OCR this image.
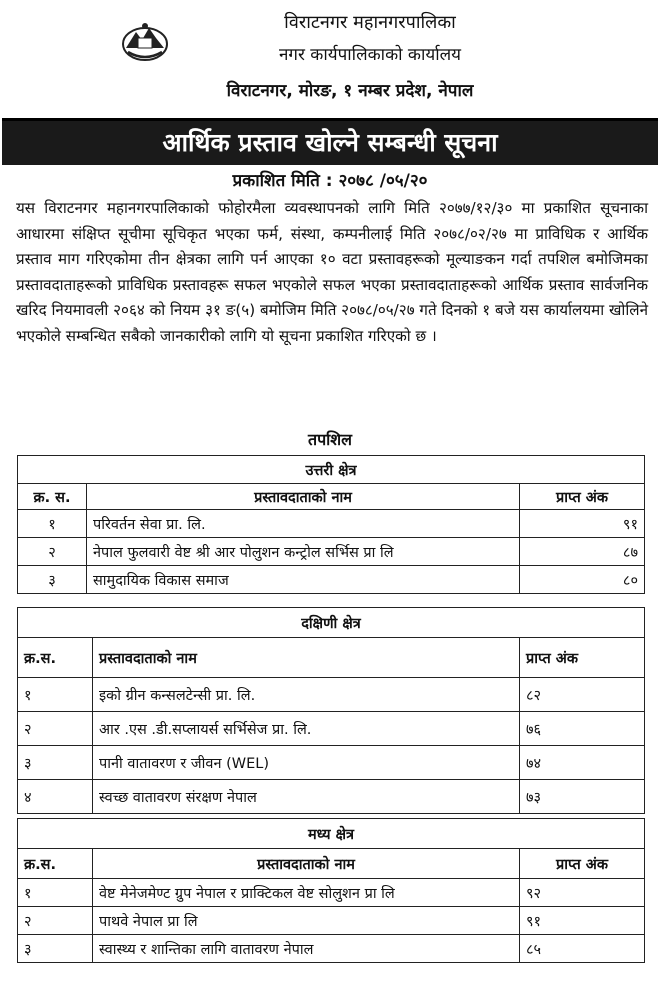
विराटनगर महानगरपालिका
नगर कार्यपालिकाको कार्यालय
विराटनगर, मोरङ, १ नम्बर प्रदेश, नेपाल
आर्थिक प्रस्ताव खोल्ने सम्बन्धी सूचना
प्रकाशित मिति : २०७८ /०५/२०
यस विराटनगर महानगरपालिकाको फोहोरमैला व्यवस्थापनको लागि मिति २०७७/१२/३० मा प्रकाशित सूचनाका आधारमा संक्षिप्त सूचीमा सूचिकृत भएका फर्म, संस्था, कम्पनीलाई मिति २०७८/०२/२७ मा प्राविधिक र आर्थिक प्रस्ताव माग गरिएकोमा तीन क्षेत्रका लागि पर्न आएका १० वटा प्रस्तावहरूको मूल्याङकन गर्दा तपशिल बमोजिमका प्रस्तावदाताहरूको प्राविधिक प्रस्तावहरू सफल भएकोले सफल भएका प्रस्तावदाताहरूको आर्थिक प्रस्ताव सार्वजनिक खरिद नियमावली २०६४ को नियम ३१ ङ(५) बमोजिम मिति २०७८/०५/२७ गते दिनको १ बजे यस कार्यालयमा खोलिने भएकोले सम्बन्धित सबैको जानकारीको लागि यो सूचना प्रकाशित गरिएको छ ।
तपशिल
उत्तरी क्षेत्र		
क्र. स.	प्रस्तावदाताको नाम	प्राप्त अंक
१	परिवर्तन सेवा प्रा. लि.	९१
२	नेपाल फुलवारी वेष्ट श्री आर पोलुशन कन्ट्रोल सर्भिस प्रा लि	८७
३	सामुदायिक विकास समाज	८०
दक्षिणी क्षेत्र		
क्र.स.	प्रस्तावदाताको नाम	प्राप्त अंक
१	इको ग्रीन कन्सलटेन्सी प्रा. लि.	८२
२	आर .एस .डी.सप्लायर्स सर्भिसेज प्रा. लि.	७६
३	पानी वातावरण र जीवन (WEL)	७४
४	स्वच्छ वातावरण संरक्षण नेपाल	७३
मध्य क्षेत्र		
क्र.स.	प्रस्तावदाताको नाम	प्राप्त अंक
१	वेष्ट मेनेजमेण्ट ग्रुप नेपाल र प्राक्टिकल वेष्ट सोलुशन प्रा लि	९२
२	पाथवे नेपाल प्रा लि	९१
३	स्वास्थ्य र शान्तिका लागि वातावरण नेपाल	८५
